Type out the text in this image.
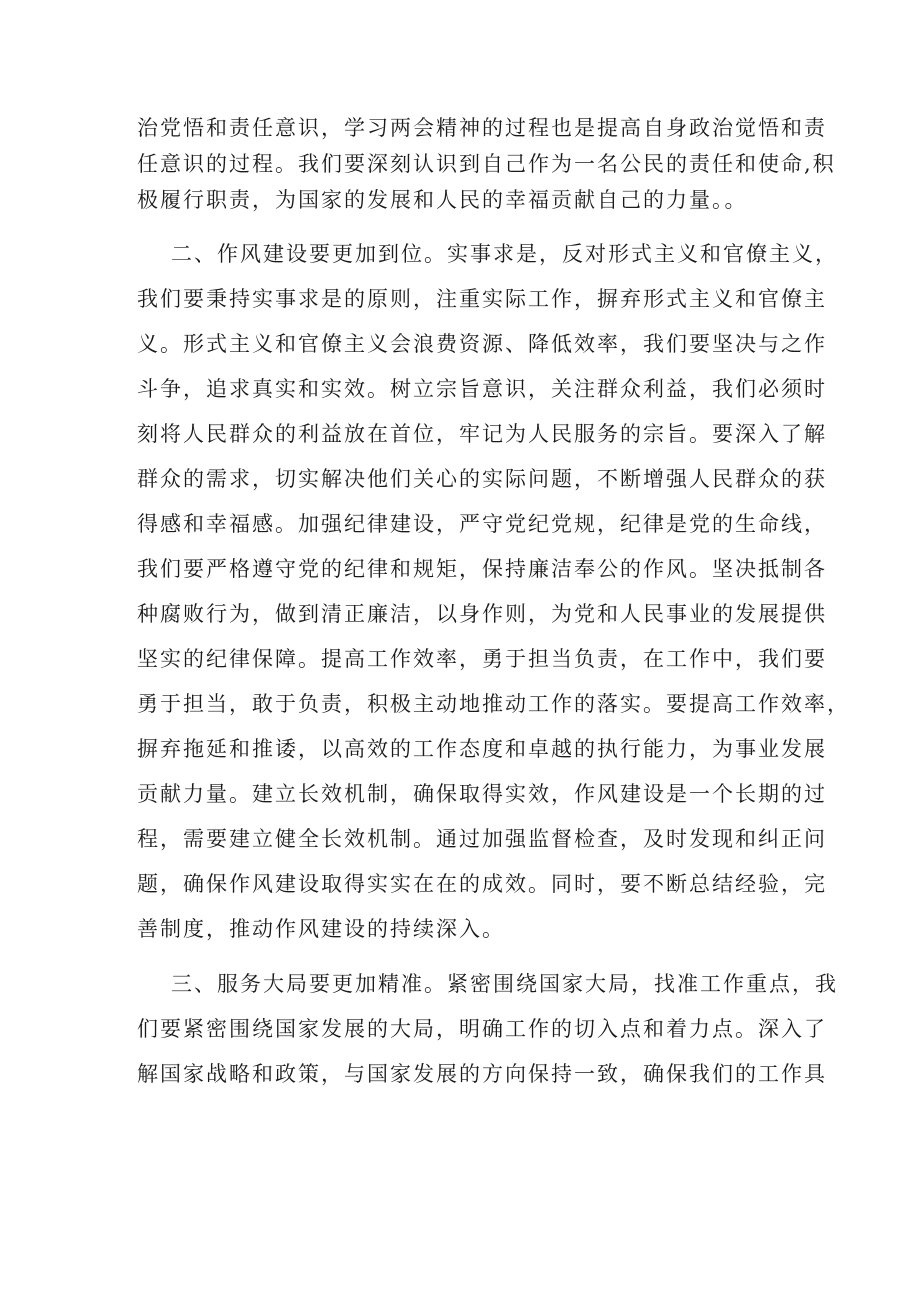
治党悟和责任意识，学习两会精神的过程也是提高自身政治觉悟和责
任意识的过程。我们要深刻认识到自己作为一名公民的责任和使命,积
极履行职责，为国家的发展和人民的幸福贡献自己的力量。。
二、作风建设要更加到位。实事求是，反对形式主义和官僚主义，
我们要秉持实事求是的原则，注重实际工作，摒弃形式主义和官僚主
义。形式主义和官僚主义会浪费资源、降低效率，我们要坚决与之作
斗争，追求真实和实效。树立宗旨意识，关注群众利益，我们必须时
刻将人民群众的利益放在首位，牢记为人民服务的宗旨。要深入了解
群众的需求，切实解决他们关心的实际问题，不断增强人民群众的获
得感和幸福感。加强纪律建设，严守党纪党规，纪律是党的生命线，
我们要严格遵守党的纪律和规矩，保持廉洁奉公的作风。坚决抵制各
种腐败行为，做到清正廉洁，以身作则，为党和人民事业的发展提供
坚实的纪律保障。提高工作效率，勇于担当负责，在工作中，我们要
勇于担当，敢于负责，积极主动地推动工作的落实。要提高工作效率，
摒弃拖延和推诿，以高效的工作态度和卓越的执行能力，为事业发展
贡献力量。建立长效机制，确保取得实效，作风建设是一个长期的过
程，需要建立健全长效机制。通过加强监督检查，及时发现和纠正问
题，确保作风建设取得实实在在的成效。同时，要不断总结经验，完
善制度，推动作风建设的持续深入。
三、服务大局要更加精准。紧密围绕国家大局，找准工作重点，我
们要紧密围绕国家发展的大局，明确工作的切入点和着力点。深入了
解国家战略和政策，与国家发展的方向保持一致，确保我们的工作具
